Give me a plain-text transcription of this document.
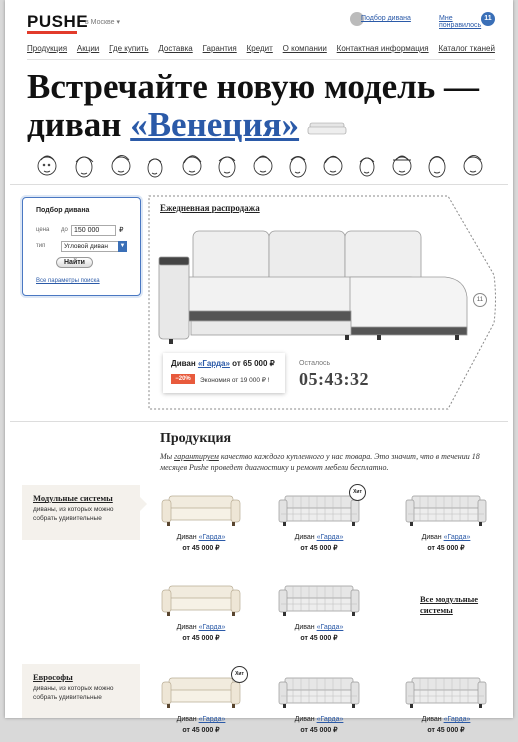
PUSHE
в Москве ▾
Подбор дивана	Мне понравилось
11
Продукция Акции Где купить Доставка Гарантия Кредит О компании Контактная информация Каталог тканей
Встречайте новую модель —
диван «Венеция»
Подбор дивана
цена до 150 000	₽
тип	Угловой диван ▼
Найти
Все параметры поиска
Ежедневная распродажа
11
Диван «Гарда» от 65 000 ₽
−20%	Экономия от 19 000 ₽ !
Осталось
05:43:32
Продукция
Мы гарантируем качество каждого купленного у нас товара. Это значит, что в течении 18 месяцев Pushe проведет диагностику и ремонт мебели бесплатно.
Модульные системы
диваны, из которых можно собрать удивительные
Еврософы
диваны, из которых можно собрать удивительные
Диван «Гарда»
от 45 000 ₽
Хит
Диван «Гарда»
от 45 000 ₽
Диван «Гарда»
от 45 000 ₽
Диван «Гарда»
от 45 000 ₽
Диван «Гарда»
от 45 000 ₽
Хит
Диван «Гарда»
от 45 000 ₽
Диван «Гарда»
от 45 000 ₽
Диван «Гарда»
от 45 000 ₽
Все модульные системы
